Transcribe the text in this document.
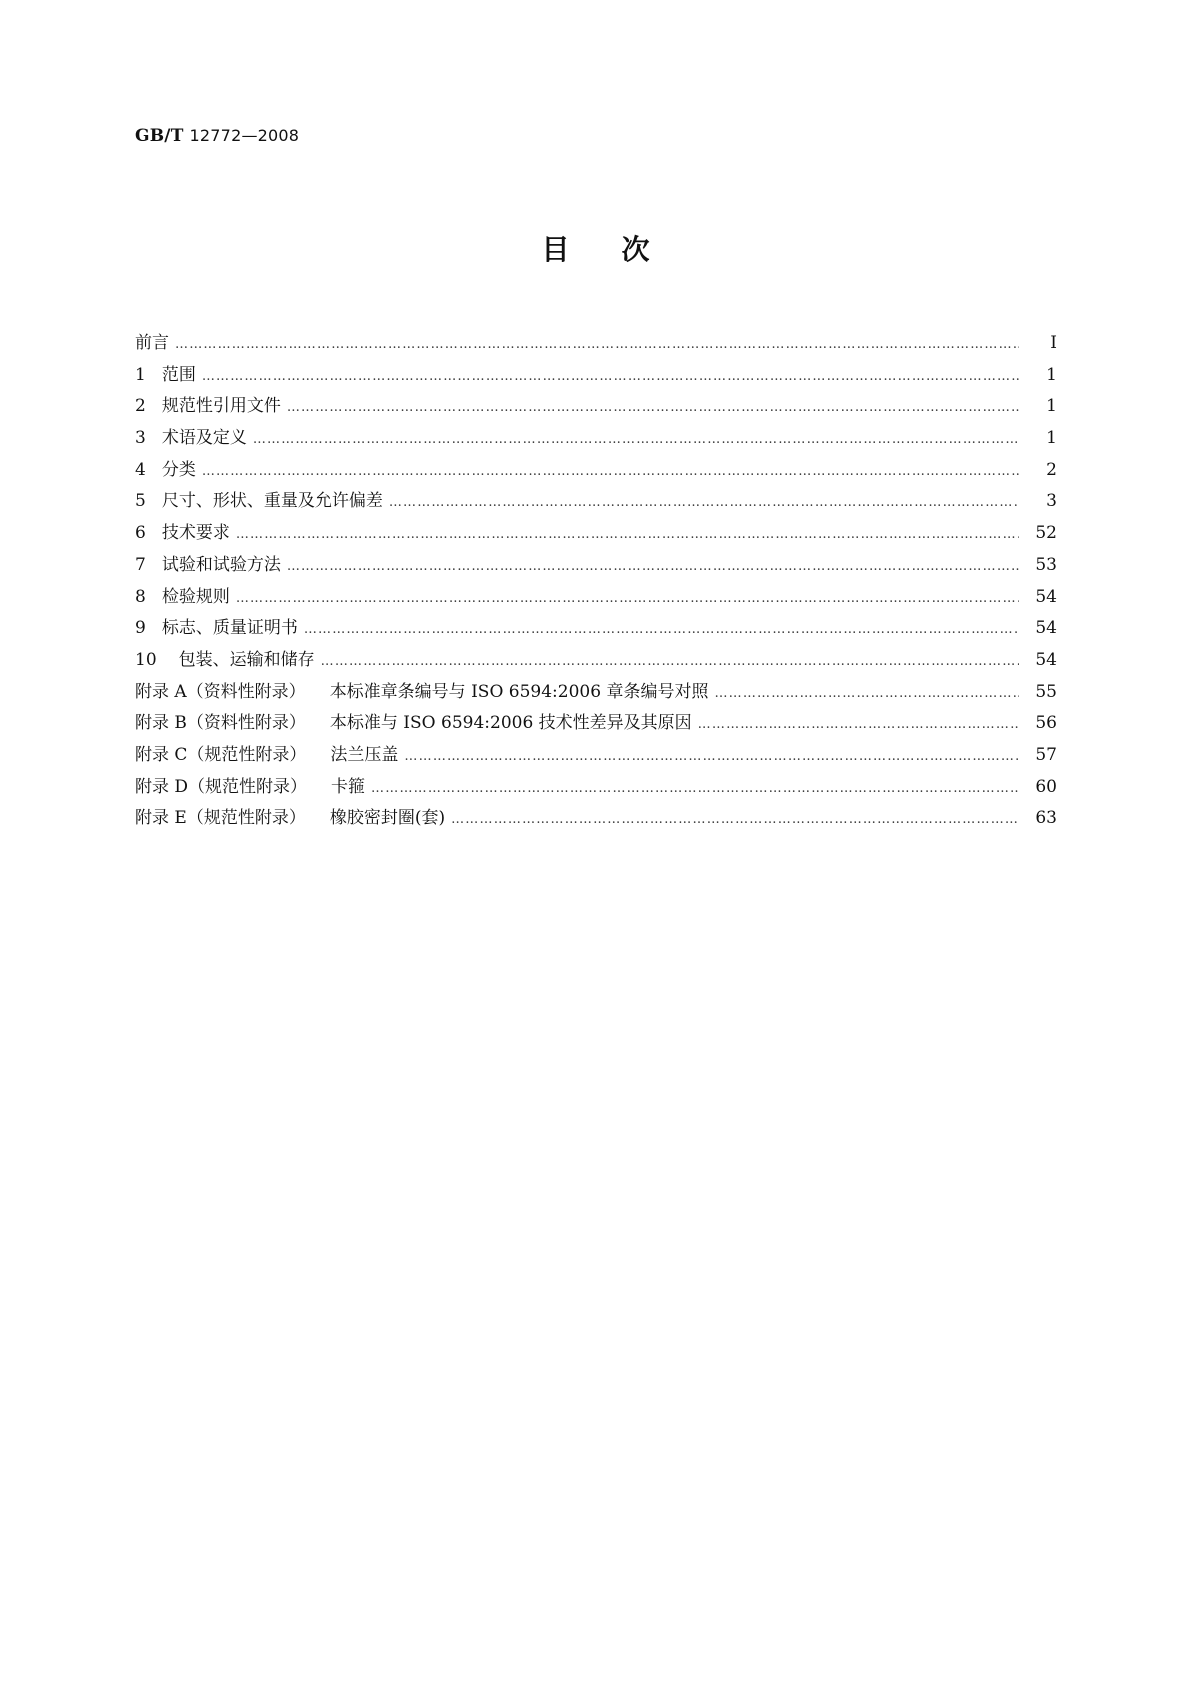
GB/T 12772—2008
目次
前言 …………………………………………………………………………………………………………………………………………………………………………………………………………………………	I
1 范围 …………………………………………………………………………………………………………………………………………………………………………………………………………………………	1
2 规范性引用文件 …………………………………………………………………………………………………………………………………………………………………………………………………………………………	1
3 术语及定义 …………………………………………………………………………………………………………………………………………………………………………………………………………………………	1
4 分类 …………………………………………………………………………………………………………………………………………………………………………………………………………………………	2
5 尺寸、形状、重量及允许偏差 …………………………………………………………………………………………………………………………………………………………………………………………………………………………	3
6 技术要求 …………………………………………………………………………………………………………………………………………………………………………………………………………………………	52
7 试验和试验方法 …………………………………………………………………………………………………………………………………………………………………………………………………………………………	53
8 检验规则 …………………………………………………………………………………………………………………………………………………………………………………………………………………………	54
9 标志、质量证明书 …………………………………………………………………………………………………………………………………………………………………………………………………………………………	54
10	包装、运输和储存 …………………………………………………………………………………………………………………………………………………………………………………………………………………………	54
附录 A（资料性附录）	本标准章条编号与 ISO 6594:2006 章条编号对照 …………………………………………………………………………………………………………………………………………………………………………………………………………………………	55
附录 B（资料性附录）	本标准与 ISO 6594:2006 技术性差异及其原因 …………………………………………………………………………………………………………………………………………………………………………………………………………………………	56
附录 C（规范性附录）	法兰压盖 …………………………………………………………………………………………………………………………………………………………………………………………………………………………	57
附录 D（规范性附录）	卡箍 …………………………………………………………………………………………………………………………………………………………………………………………………………………………	60
附录 E（规范性附录）	橡胶密封圈(套) …………………………………………………………………………………………………………………………………………………………………………………………………………………………	63
